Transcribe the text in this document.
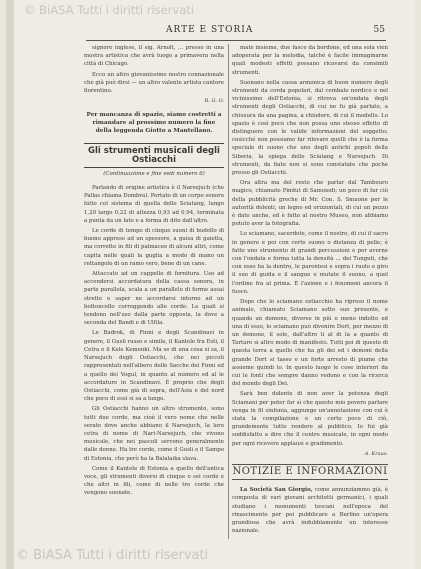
© BiASA Tutti i diritti riservati
ARTE E STORIA	55

signore inglese, il sig. Arnolt, ... presso in una mostra artistica che avrà luogo a primavera nella città di Chicago.

Ecco un altro giovanissimo nostro connazionale che già può dirsi — un altro valente artista cantore fiorentino.

R. G. O.
Per mancanza di spazio, siamo costretti a rimandare al prossimo numero la fine della leggenda Giotto a Mantellano.
Gli strumenti musicali degli Ostiacchi
(Continuazione e fine vedi numero 6)

Parlando di origine artistica è il Narsejuch (che Pallas chiama Dombra). Portato di un corpo sonoro fatto col sistema di quella delle Sciatang, lungo 1,20 largo 0,22 di altezza 0,93 ad 0,94, terminata a punta da un lato e a forma di dito dall'altro.

Le corde di tempo di cinque suoni di budello di buono appreso ad un spessore, a guisa di gaietta, ma corrette in fili di palmacee di alcuni altri, come capita nelle quali la guglia a modo di mano un rettangolo di un ramo vero, bene di un cane.

Attaccato ad un cappello di fornitura. Uso ad accendersi accordatura della cassa sonora, in parte parallela, scala a un parallelo di forme assai strette e saper ne accordarsi intorno ad un bottoncello correggendo alle corde. Le quali si tendono nell'uso dalla parte opposta, la dove a seconda del Bandi e di Ulfila.

Le Badrok, di Finni e degli Scandinavi in genere, il Gusli russo e simile, il Kantele fra Esti, il Cetra e il Kele Kemenki. Ma se di una cosa si sa, il Narsejuch degli Ostiacchi, che nei piccoli rappresentati nell'albero delle Sacche dei Finni ed a quello dei Vogul, in quanto al numero ed al le accordature in Scandinavi. È proprio che degli Ostiacchi, come già di sopra, dell'Asia e del nord che poco di essi si sa a lungo.

Gli Ostiacchi hanno un altro strumento, sono tutti due corde, ma cioè il vero nome che nelle serate dove anche abbiano il Narsejuch, la loro cetra di nome di Nari-Narsejuch, che vivono musicale, che nei pascoli servono generalmente dalle donne. Ha tre corde, come il Gusli e il Sampo di Estonia, che però ha la Balalaika slava.

Come il Kantele di Estonia a quello dell'antica voce, gli strumenti diversi di cinque o sei corde e che altri in fili, come di nelle tre corde che vengono suonate.

mate insieme, due fasce da bordone, ed una sola vien adoperata per la melodia, talché è facile immaginarne quali modesti effetti possano ricavarsi da consimili strumenti.

Suonano nella cassa armonica di buon numero degli strumenti da corda popolari, dal cembalo nordico e nel vicinissimo dell'Estonia, si ritrova un'ondata degli strumenti degli Ostiacchi, di cui ne fu già parlato, a chiusura da una pagina, a chiudere, di cui il modello. Lo spazio è così poco che non possa uno stesso effetto di distinguere con le valide informazioni del soggetto; cosicché non possiamo far rilevare quelli che è la forma speciale di suono che uno degli antichi popoli della Siberia, la spiega delle Sciatang e Narsejuch. Di strumenti, da fiato non si sono constatate che poche presso gli Ostiacchi.

Ora altra ma del resto che parlar dal Tambouro magico, chiamato Pindut di Samoiedi; un poco di far ciò della pubblicità greche di Mr. Con. S. Smuone per le autorità dolenti, un legno ed orizzontali, di cui un pezzo è dato anche, ed è fatto al nostro Museo, non abbiamo potuto aver la fotografia.

Lo sciamano, sacerdote, come il nostro, di cui il sacro in genere e poi con certo suono o distanza di pelle; è fatto uno strumento di grandi percussioni e per averne con l'ondata e forma tutta la densità ... dei Tunguti, che con esso ha la dentro, le parentesi e sopra i ruolo e giro il suo di guida e il sangue e mutate il suono, a quel l'ordine fra al prima. È l'azione e i fenomeni ancora il fuoco.

Dopo che lo sciamano ostiacchio ha ripreso il nome animale, chiamato Sciamano sotto suo presente, e quando un demone, diverse in più o meno indotto ed una di esso, lo sciamano può divenire Dort, per mezzo di un demone, il sole, dall'altro li al di la a quanto di Tartaro si altro modo di manifesto. Tutti poi di questo di questa terra a quello che ha gli dei ed i demoni della grande Dort si tasso e un forte arresto di piume che assieme quindi lo. In questo luogo le cose interiori da cui le fonti che sempre danno vedono e con la ricerca del mondo degli Dei.

Sarà ben dolente di non aver la potenza degli Sciamani per poter far sì che questo mio povero parlare venga in fil sinfonia, aggiunge un'annotazione con cui è stata la compilazione e un certo poco di ciò, grandemente tutto rendere al pubblico. Io fui già soddisfatto a dire che il centro musicale, in ogni modo per ogni ricevere applausi e gradimento.

A. Kraus.
NOTIZIE E INFORMAZIONI

La Società San Giorgio, come annunziammo già, è composta di vari giovani architetti germanici, i quali studiano i monumenti toscani nell'epoca del rinascimento per poi pubblicare a Berlino un'opera grandiosa che avrà indubbiamente un interesse nazionale.

© BiASA Tutti i diritti riservati
